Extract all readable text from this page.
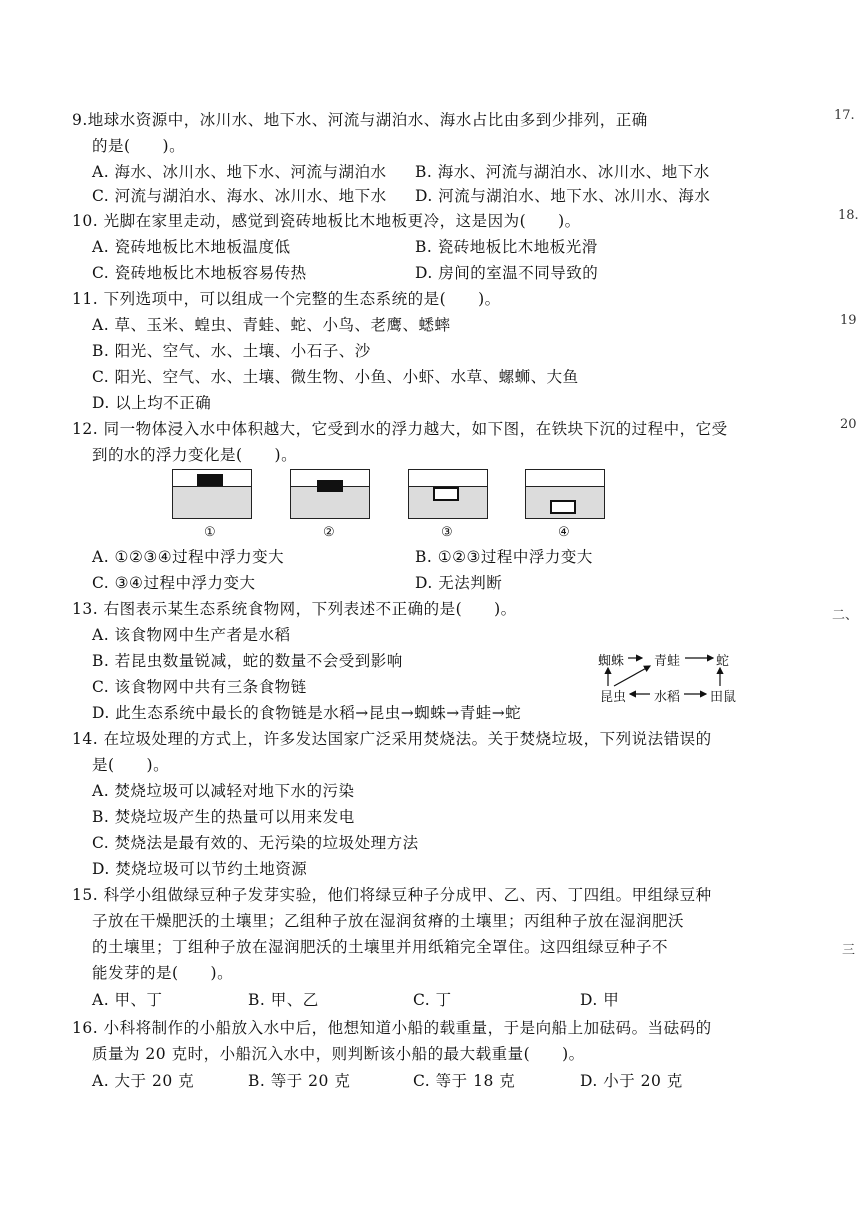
9.地球水资源中，冰川水、地下水、河流与湖泊水、海水占比由多到少排列，正确
的是(　　)。
A. 海水、冰川水、地下水、河流与湖泊水 B. 海水、河流与湖泊水、冰川水、地下水
C. 河流与湖泊水、海水、冰川水、地下水 D. 河流与湖泊水、地下水、冰川水、海水
10. 光脚在家里走动，感觉到瓷砖地板比木地板更冷，这是因为(　　)。
A. 瓷砖地板比木地板温度低	B. 瓷砖地板比木地板光滑
C. 瓷砖地板比木地板容易传热	D. 房间的室温不同导致的
11. 下列选项中，可以组成一个完整的生态系统的是(　　)。
A. 草、玉米、蝗虫、青蛙、蛇、小鸟、老鹰、蟋蟀
B. 阳光、空气、水、土壤、小石子、沙
C. 阳光、空气、水、土壤、微生物、小鱼、小虾、水草、螺蛳、大鱼
D. 以上均不正确
12. 同一物体浸入水中体积越大，它受到水的浮力越大，如下图，在铁块下沉的过程中，它受
到的水的浮力变化是(　　)。
①	②	③	④
A. ①②③④过程中浮力变大	B. ①②③过程中浮力变大
C. ③④过程中浮力变大	D. 无法判断
13. 右图表示某生态系统食物网，下列表述不正确的是(　　)。
A. 该食物网中生产者是水稻
B. 若昆虫数量锐减，蛇的数量不会受到影响
C. 该食物网中共有三条食物链
D. 此生态系统中最长的食物链是水稻→昆虫→蜘蛛→青蛙→蛇
蜘蛛 青蛙	蛇
昆虫 水稻 田鼠
14. 在垃圾处理的方式上，许多发达国家广泛采用焚烧法。关于焚烧垃圾，下列说法错误的
是(　　)。
A. 焚烧垃圾可以减轻对地下水的污染
B. 焚烧垃圾产生的热量可以用来发电
C. 焚烧法是最有效的、无污染的垃圾处理方法
D. 焚烧垃圾可以节约土地资源
15. 科学小组做绿豆种子发芽实验，他们将绿豆种子分成甲、乙、丙、丁四组。甲组绿豆种
子放在干燥肥沃的土壤里；乙组种子放在湿润贫瘠的土壤里；丙组种子放在湿润肥沃
的土壤里；丁组种子放在湿润肥沃的土壤里并用纸箱完全罩住。这四组绿豆种子不
能发芽的是(　　)。
A. 甲、丁	B. 甲、乙	C. 丁	D. 甲
16. 小科将制作的小船放入水中后，他想知道小船的载重量，于是向船上加砝码。当砝码的
质量为 20 克时，小船沉入水中，则判断该小船的最大载重量(　　)。
A. 大于 20 克	B. 等于 20 克	C. 等于 18 克	D. 小于 20 克
17.
18.
19
20
二、
三
